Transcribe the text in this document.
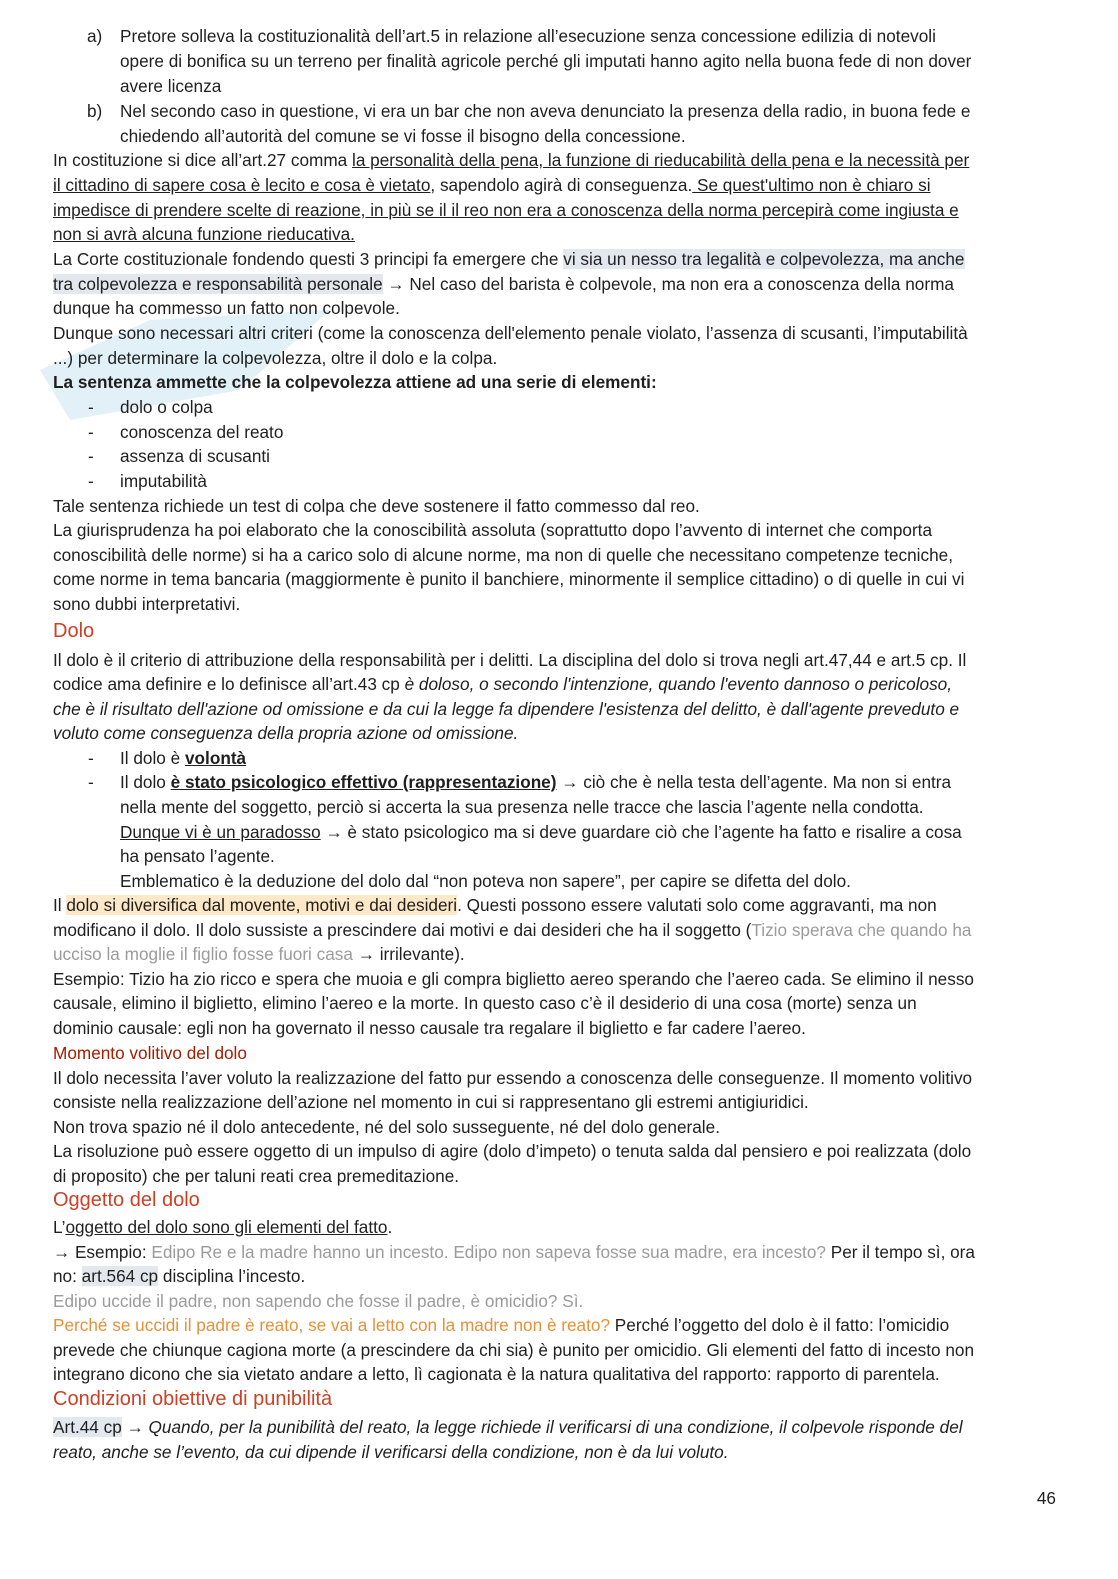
a) Pretore solleva la costituzionalità dell’art.5 in relazione all’esecuzione senza concessione edilizia di notevoli
opere di bonifica su un terreno per finalità agricole perché gli imputati hanno agito nella buona fede di non dover
avere licenza
b) Nel secondo caso in questione, vi era un bar che non aveva denunciato la presenza della radio, in buona fede e
chiedendo all’autorità del comune se vi fosse il bisogno della concessione.
In costituzione si dice all’art.27 comma la personalità della pena, la funzione di rieducabilità della pena e la necessità per
il cittadino di sapere cosa è lecito e cosa è vietato, sapendolo agirà di conseguenza. Se quest'ultimo non è chiaro si
impedisce di prendere scelte di reazione, in più se il il reo non era a conoscenza della norma percepirà come ingiusta e
non si avrà alcuna funzione rieducativa.
La Corte costituzionale fondendo questi 3 principi fa emergere che vi sia un nesso tra legalità e colpevolezza, ma anche
tra colpevolezza e responsabilità personale → Nel caso del barista è colpevole, ma non era a conoscenza della norma
dunque ha commesso un fatto non colpevole.
Dunque sono necessari altri criteri (come la conoscenza dell'elemento penale violato, l’assenza di scusanti, l’imputabilità
...) per determinare la colpevolezza, oltre il dolo e la colpa.
La sentenza ammette che la colpevolezza attiene ad una serie di elementi:
- dolo o colpa
- conoscenza del reato
- assenza di scusanti
- imputabilità
Tale sentenza richiede un test di colpa che deve sostenere il fatto commesso dal reo.
La giurisprudenza ha poi elaborato che la conoscibilità assoluta (soprattutto dopo l’avvento di internet che comporta
conoscibilità delle norme) si ha a carico solo di alcune norme, ma non di quelle che necessitano competenze tecniche,
come norme in tema bancaria (maggiormente è punito il banchiere, minormente il semplice cittadino) o di quelle in cui vi
sono dubbi interpretativi.
Dolo
Il dolo è il criterio di attribuzione della responsabilità per i delitti. La disciplina del dolo si trova negli art.47,44 e art.5 cp. Il
codice ama definire e lo definisce all’art.43 cp è doloso, o secondo l'intenzione, quando l'evento dannoso o pericoloso,
che è il risultato dell'azione od omissione e da cui la legge fa dipendere l'esistenza del delitto, è dall'agente preveduto e
voluto come conseguenza della propria azione od omissione.
- Il dolo è volontà
- Il dolo è stato psicologico effettivo (rappresentazione) → ciò che è nella testa dell’agente. Ma non si entra
nella mente del soggetto, perciò si accerta la sua presenza nelle tracce che lascia l’agente nella condotta.
Dunque vi è un paradosso → è stato psicologico ma si deve guardare ciò che l’agente ha fatto e risalire a cosa
ha pensato l’agente.
Emblematico è la deduzione del dolo dal “non poteva non sapere”, per capire se difetta del dolo.
Il dolo si diversifica dal movente, motivi e dai desideri. Questi possono essere valutati solo come aggravanti, ma non
modificano il dolo. Il dolo sussiste a prescindere dai motivi e dai desideri che ha il soggetto (Tizio sperava che quando ha
ucciso la moglie il figlio fosse fuori casa → irrilevante).
Esempio: Tizio ha zio ricco e spera che muoia e gli compra biglietto aereo sperando che l’aereo cada. Se elimino il nesso
causale, elimino il biglietto, elimino l’aereo e la morte. In questo caso c’è il desiderio di una cosa (morte) senza un
dominio causale: egli non ha governato il nesso causale tra regalare il biglietto e far cadere l’aereo.
Momento volitivo del dolo
Il dolo necessita l’aver voluto la realizzazione del fatto pur essendo a conoscenza delle conseguenze. Il momento volitivo
consiste nella realizzazione dell’azione nel momento in cui si rappresentano gli estremi antigiuridici.
Non trova spazio né il dolo antecedente, né del solo susseguente, né del dolo generale.
La risoluzione può essere oggetto di un impulso di agire (dolo d’impeto) o tenuta salda dal pensiero e poi realizzata (dolo
di proposito) che per taluni reati crea premeditazione.
Oggetto del dolo
L’oggetto del dolo sono gli elementi del fatto.
→ Esempio: Edipo Re e la madre hanno un incesto. Edipo non sapeva fosse sua madre, era incesto? Per il tempo sì, ora
no: art.564 cp disciplina l’incesto.
Edipo uccide il padre, non sapendo che fosse il padre, è omicidio? Sì.
Perché se uccidi il padre è reato, se vai a letto con la madre non è reato? Perché l’oggetto del dolo è il fatto: l’omicidio
prevede che chiunque cagiona morte (a prescindere da chi sia) è punito per omicidio. Gli elementi del fatto di incesto non
integrano dicono che sia vietato andare a letto, lì cagionata è la natura qualitativa del rapporto: rapporto di parentela.
Condizioni obiettive di punibilità
Art.44 cp → Quando, per la punibilità del reato, la legge richiede il verificarsi di una condizione, il colpevole risponde del
reato, anche se l’evento, da cui dipende il verificarsi della condizione, non è da lui voluto.
46
